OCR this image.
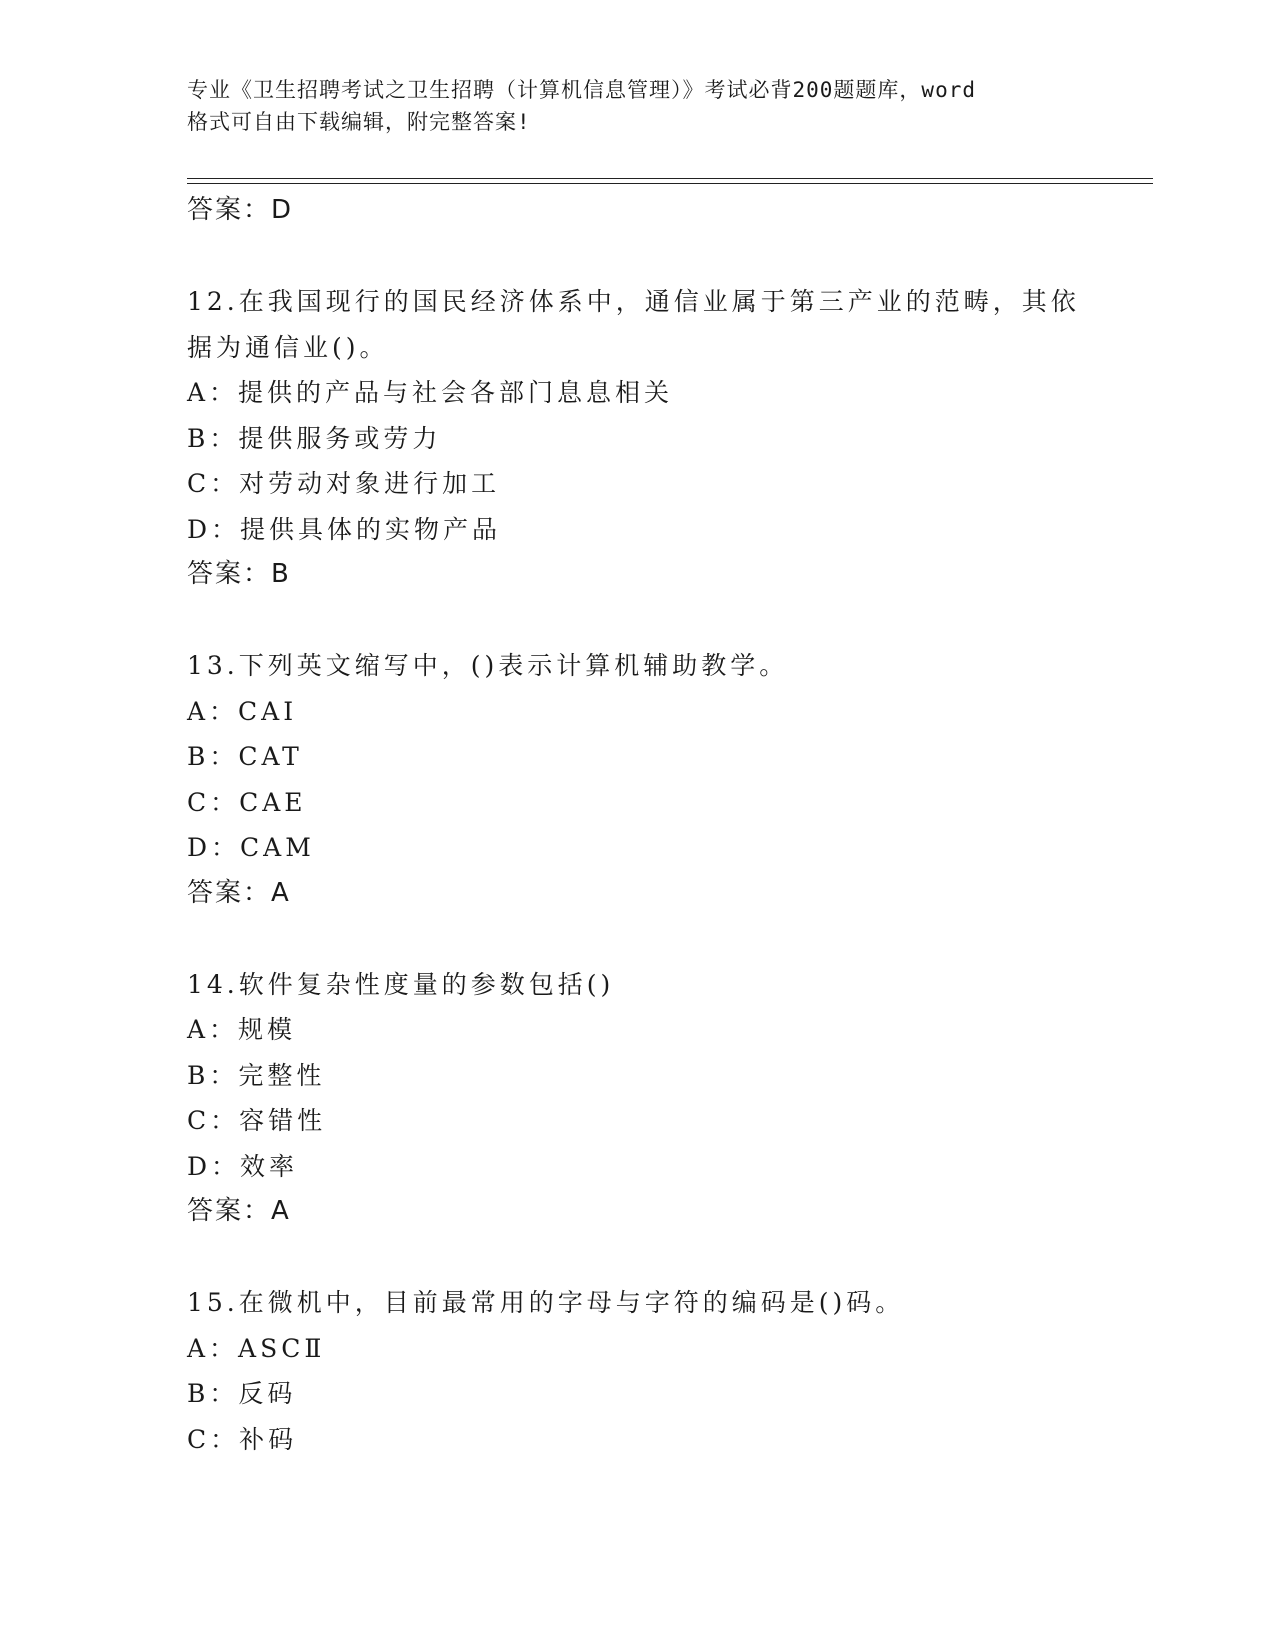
专业《卫生招聘考试之卫生招聘（计算机信息管理）》考试必背200题题库，word
格式可自由下载编辑，附完整答案!

答案：D

12.在我国现行的国民经济体系中，通信业属于第三产业的范畴，其依

据为通信业()。

A：提供的产品与社会各部门息息相关

B：提供服务或劳力

C：对劳动对象进行加工

D：提供具体的实物产品

答案：B

13.下列英文缩写中，()表示计算机辅助教学。

A：CAI

B：CAT

C：CAE

D：CAM

答案：A

14.软件复杂性度量的参数包括()

A：规模

B：完整性

C：容错性

D：效率

答案：A

15.在微机中，目前最常用的字母与字符的编码是()码。

A：ASCⅡ

B：反码

C：补码
